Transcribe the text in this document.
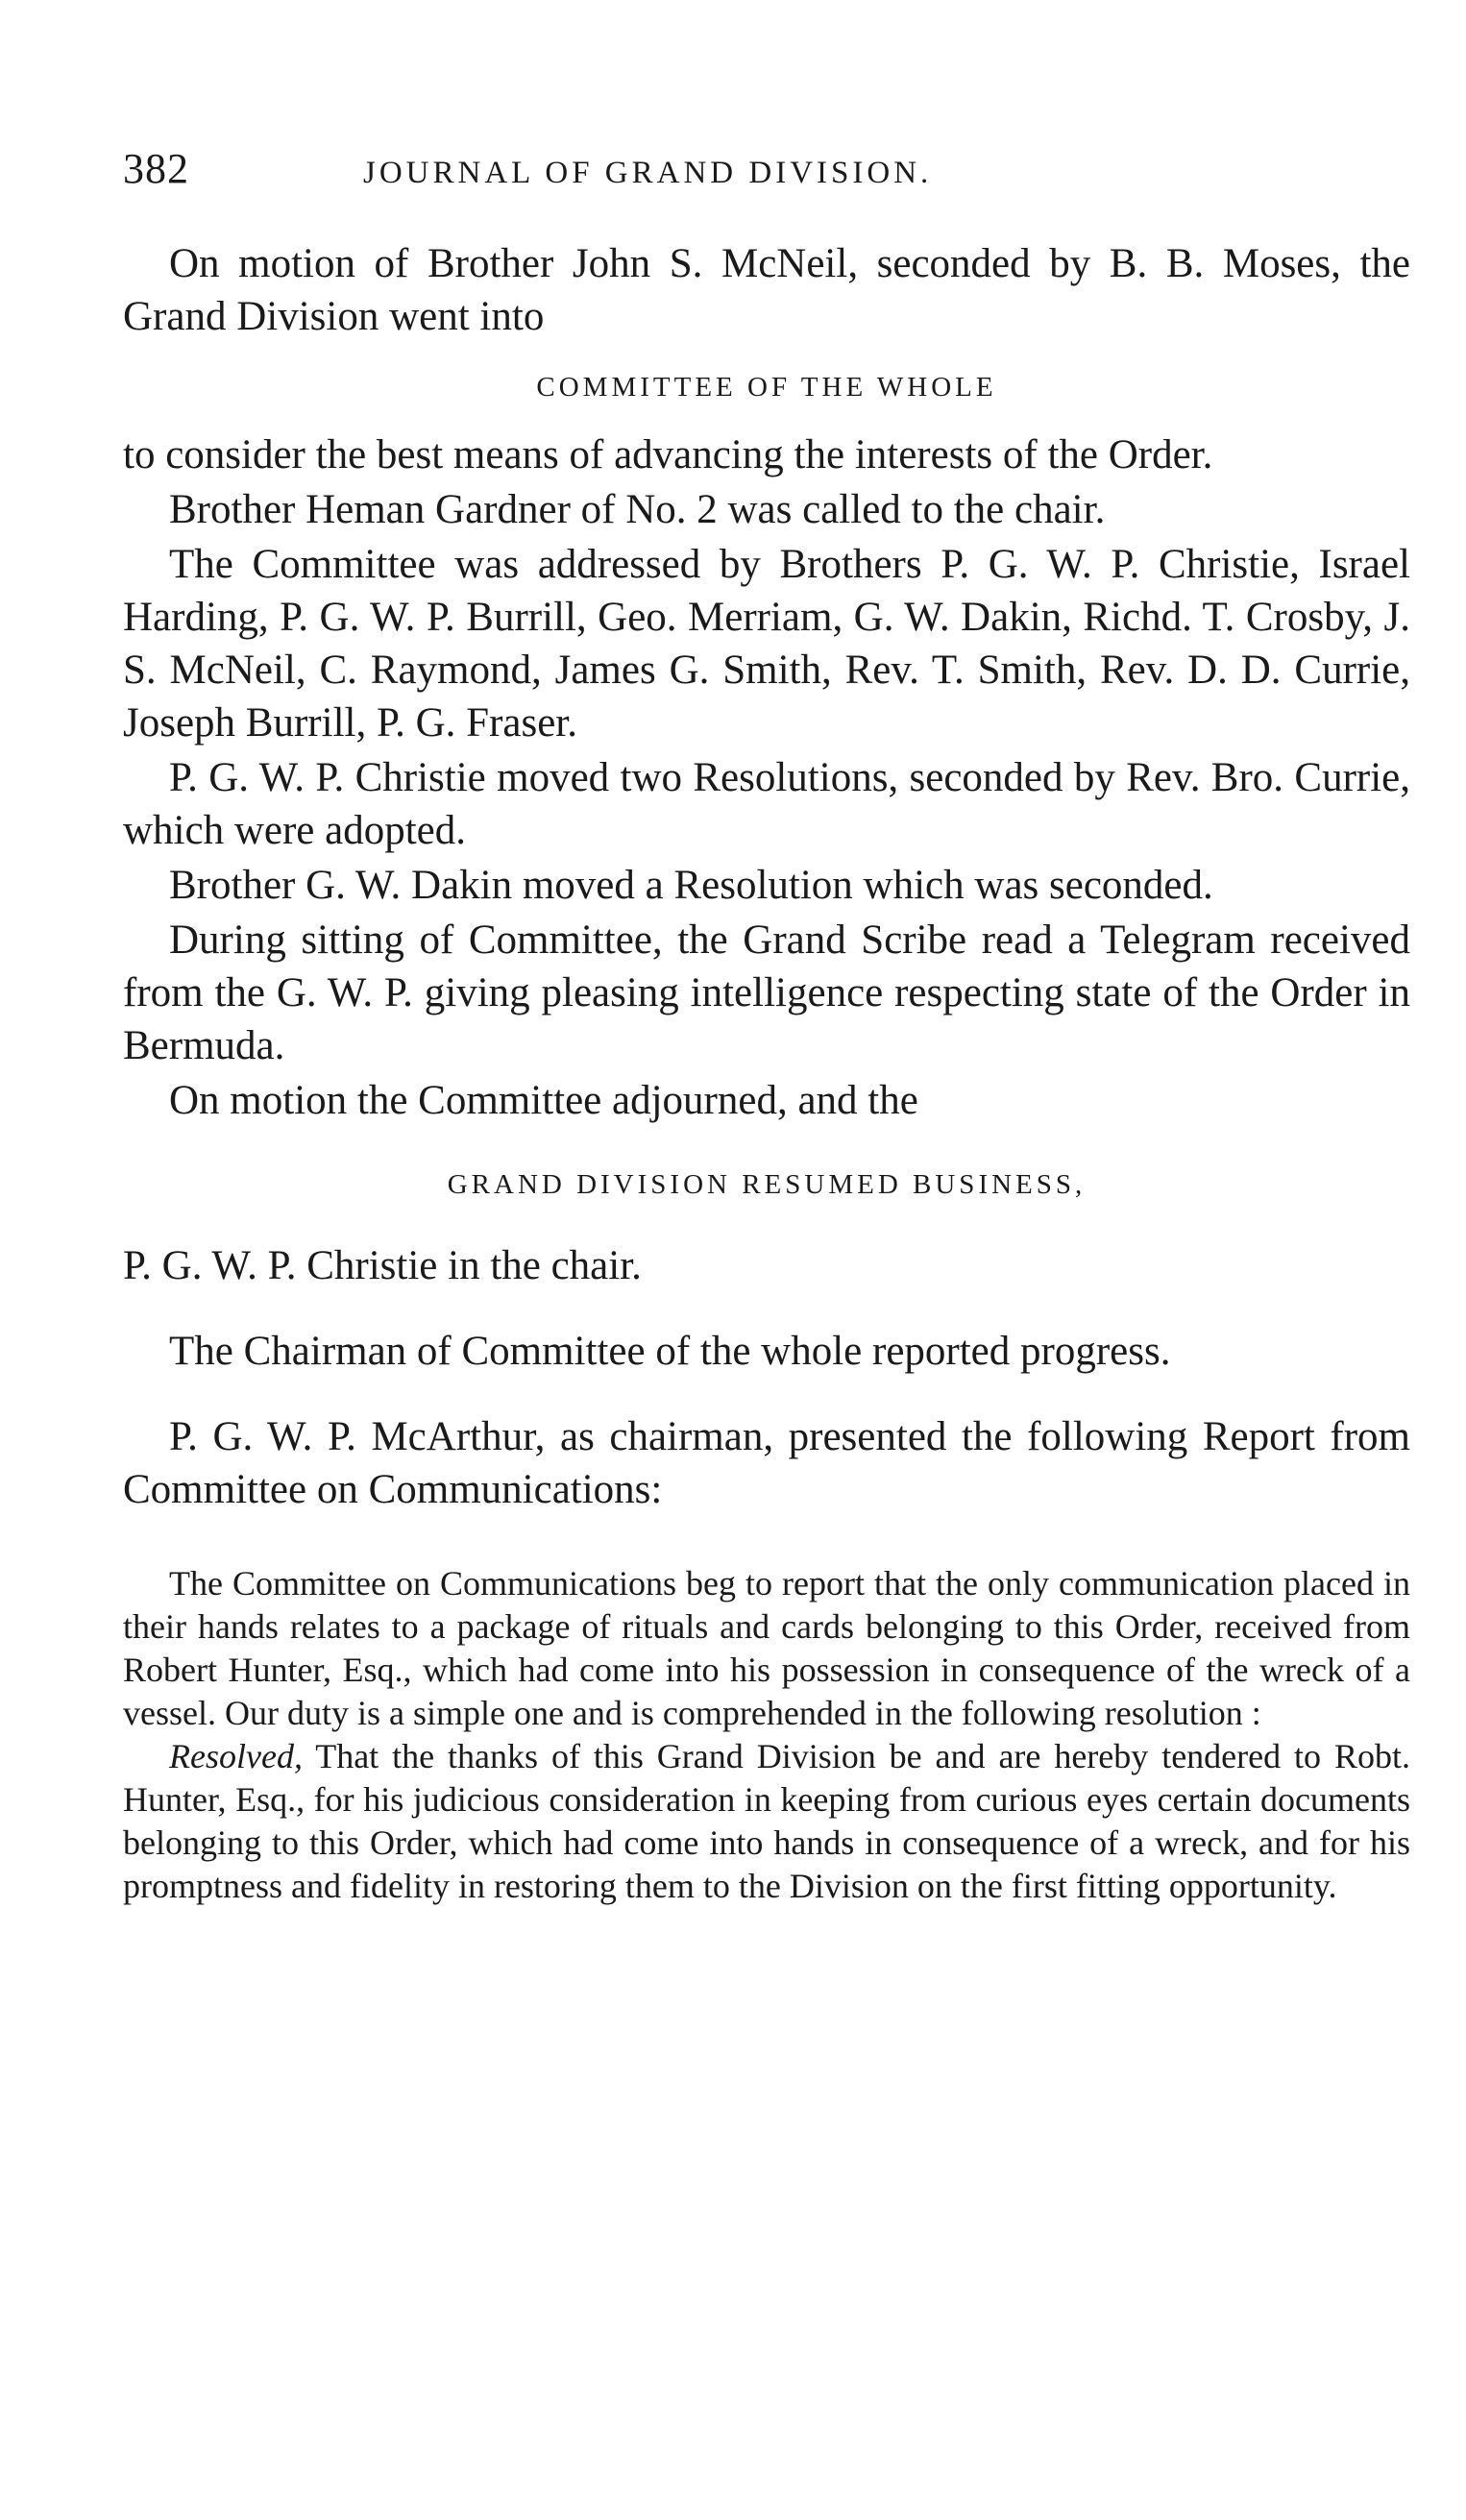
382	JOURNAL OF GRAND DIVISION.

On motion of Brother John S. McNeil, seconded by B. B. Moses, the Grand Division went into

COMMITTEE OF THE WHOLE

to consider the best means of advancing the interests of the Order.

Brother Heman Gardner of No. 2 was called to the chair.

The Committee was addressed by Brothers P. G. W. P. Christie, Israel Harding, P. G. W. P. Burrill, Geo. Merriam, G. W. Dakin, Richd. T. Crosby, J. S. McNeil, C. Raymond, James G. Smith, Rev. T. Smith, Rev. D. D. Currie, Joseph Burrill, P. G. Fraser.

P. G. W. P. Christie moved two Resolutions, seconded by Rev. Bro. Currie, which were adopted.

Brother G. W. Dakin moved a Resolution which was seconded.

During sitting of Committee, the Grand Scribe read a Telegram received from the G. W. P. giving pleasing intelligence respecting state of the Order in Bermuda.

On motion the Committee adjourned, and the

GRAND DIVISION RESUMED BUSINESS,
P. G. W. P. Christie in the chair.

The Chairman of Committee of the whole reported progress.

P. G. W. P. McArthur, as chairman, presented the following Report from Committee on Communications:

The Committee on Communications beg to report that the only communication placed in their hands relates to a package of rituals and cards belonging to this Order, received from Robert Hunter, Esq., which had come into his possession in consequence of the wreck of a vessel. Our duty is a simple one and is comprehended in the following resolution :

Resolved, That the thanks of this Grand Division be and are hereby tendered to Robt. Hunter, Esq., for his judicious consideration in keeping from curious eyes certain documents belonging to this Order, which had come into hands in consequence of a wreck, and for his promptness and fidelity in restoring them to the Division on the first fitting opportunity.
